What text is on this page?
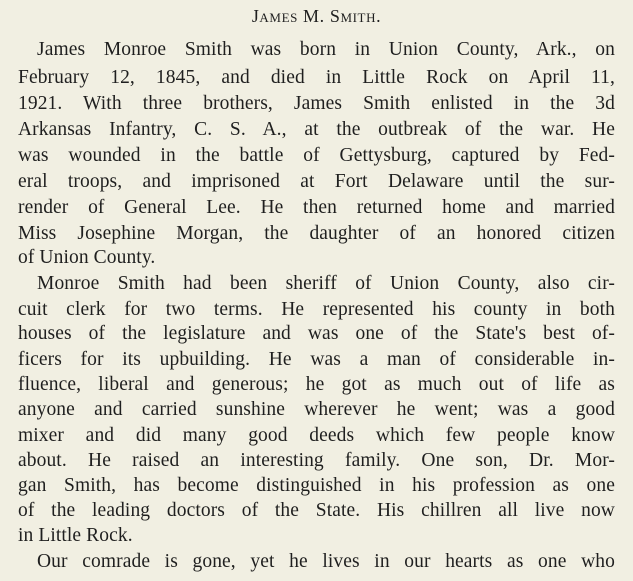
James M. Smith.
James Monroe Smith was born in Union County, Ark., on
February 12, 1845, and died in Little Rock on April 11,
1921. With three brothers, James Smith enlisted in the 3d
Arkansas Infantry, C. S. A., at the outbreak of the war. He
was wounded in the battle of Gettysburg, captured by Fed-
eral troops, and imprisoned at Fort Delaware until the sur-
render of General Lee. He then returned home and married
Miss Josephine Morgan, the daughter of an honored citizen
of Union County.
Monroe Smith had been sheriff of Union County, also cir-
cuit clerk for two terms. He represented his county in both
houses of the legislature and was one of the State's best of-
ficers for its upbuilding. He was a man of considerable in-
fluence, liberal and generous; he got as much out of life as
anyone and carried sunshine wherever he went; was a good
mixer and did many good deeds which few people know
about. He raised an interesting family. One son, Dr. Mor-
gan Smith, has become distinguished in his profession as one
of the leading doctors of the State. His chillren all live now
in Little Rock.
Our comrade is gone, yet he lives in our hearts as one who
